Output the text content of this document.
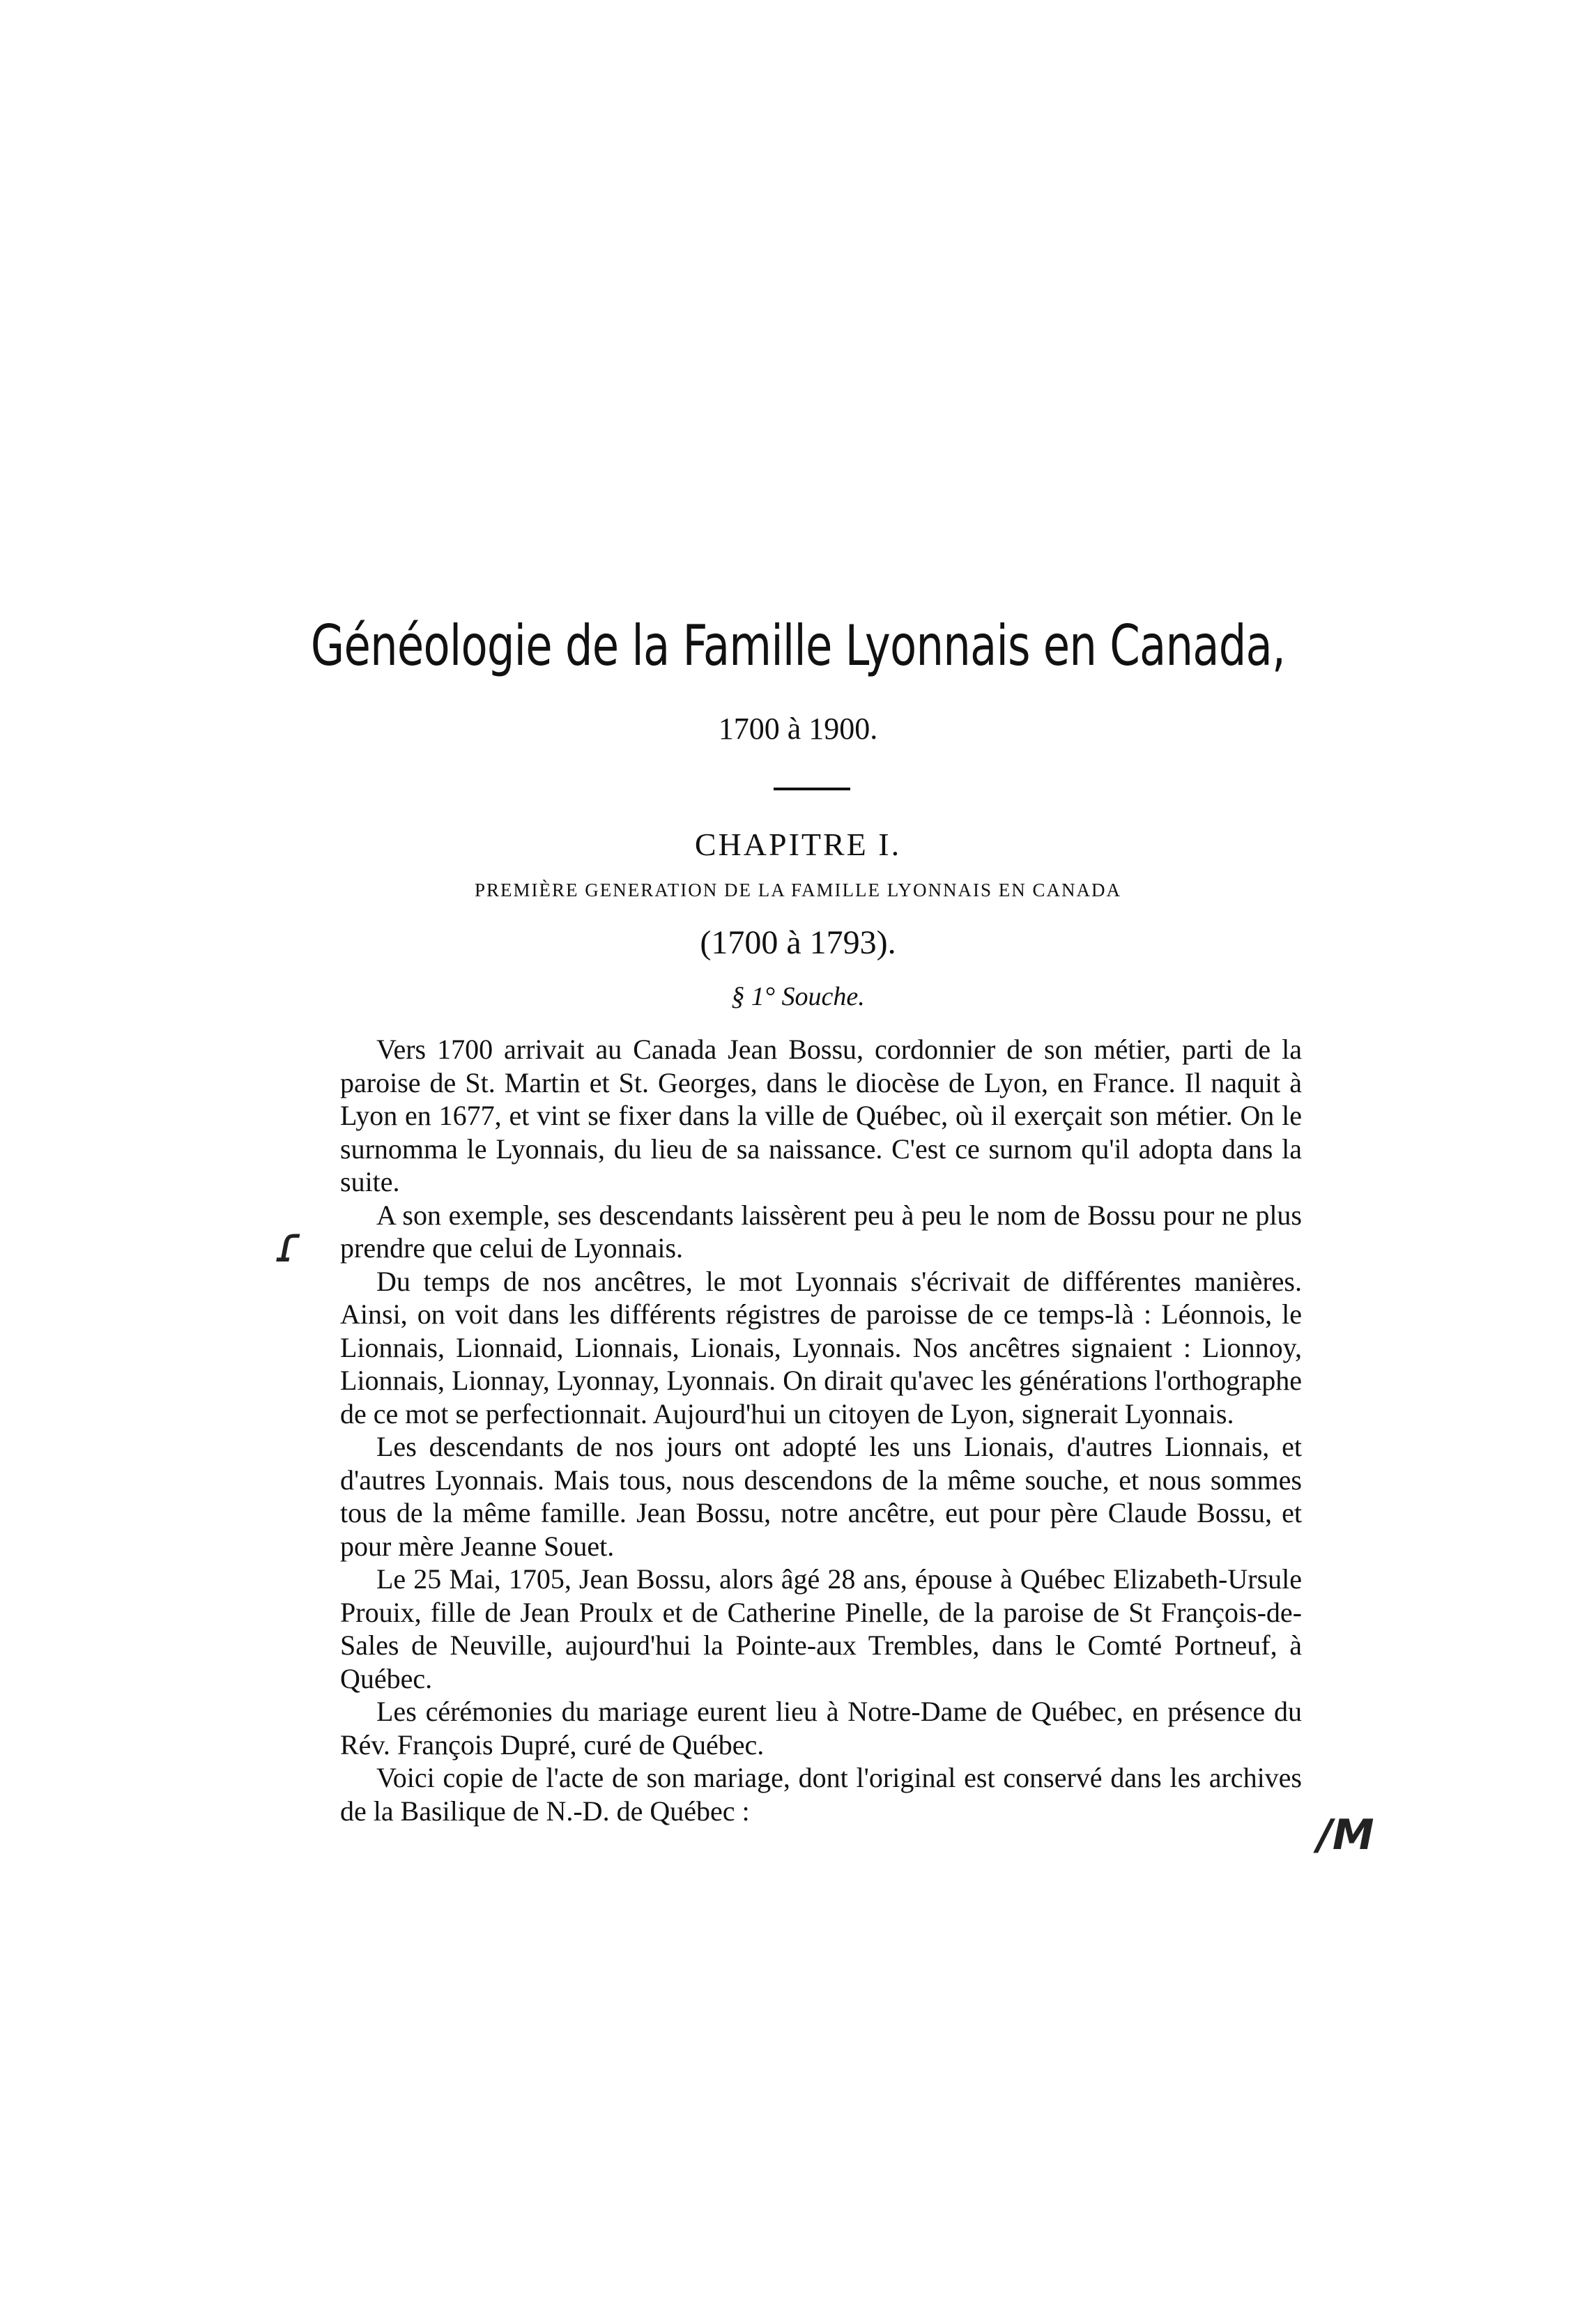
Généologie de la Famille Lyonnais en Canada,
1700 à 1900.
CHAPITRE I.
PREMIÈRE GENERATION DE LA FAMILLE LYONNAIS EN CANADA
(1700 à 1793).
§ 1° Souche.

Vers 1700 arrivait au Canada Jean Bossu, cordonnier de son métier, parti de la paroise de St. Martin et St. Georges, dans le diocèse de Lyon, en France. Il naquit à Lyon en 1677, et vint se fixer dans la ville de Québec, où il exerçait son métier. On le surnomma le Lyonnais, du lieu de sa naissance. C'est ce surnom qu'il adopta dans la suite.

A son exemple, ses descendants laissèrent peu à peu le nom de Bossu pour ne plus prendre que celui de Lyonnais.

Du temps de nos ancêtres, le mot Lyonnais s'écrivait de différentes manières. Ainsi, on voit dans les différents régistres de paroisse de ce temps-là : Léonnois, le Lionnais, Lionnaid, Lionnais, Lionais, Lyonnais. Nos ancêtres signaient : Lionnoy, Lionnais, Lionnay, Lyonnay, Lyonnais. On dirait qu'avec les générations l'orthographe de ce mot se perfectionnait. Aujourd'hui un citoyen de Lyon, signerait Lyonnais.

Les descendants de nos jours ont adopté les uns Lionais, d'autres Lionnais, et d'autres Lyonnais. Mais tous, nous descendons de la même souche, et nous sommes tous de la même famille. Jean Bossu, notre ancêtre, eut pour père Claude Bossu, et pour mère Jeanne Souet.

Le 25 Mai, 1705, Jean Bossu, alors âgé 28 ans, épouse à Québec Elizabeth-Ursule Prouix, fille de Jean Proulx et de Catherine Pinelle, de la paroise de St François-de-Sales de Neuville, aujourd'hui la Pointe-aux Trembles, dans le Comté Portneuf, à Québec.

Les cérémonies du mariage eurent lieu à Notre-Dame de Québec, en présence du Rév. François Dupré, curé de Québec.

Voici copie de l'acte de son mariage, dont l'original est conservé dans les archives de la Basilique de N.-D. de Québec :

ɾ
/M
